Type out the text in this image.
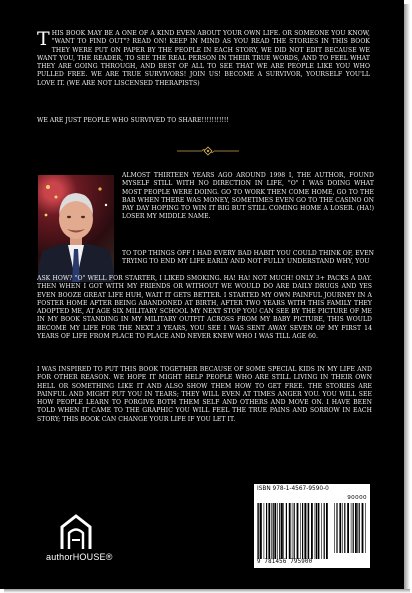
THIS BOOK MAY BE A ONE OF A KIND EVEN ABOUT YOUR OWN LIFE. OR SOMEONE YOU KNOW, "WANT TO FIND OUT"? READ ON! KEEP IN MIND AS YOU READ THE STORIES IN THIS BOOK THEY WERE PUT ON PAPER BY THE PEOPLE IN EACH STORY, WE DID NOT EDIT BECAUSE WE WANT YOU, THE READER, TO SEE THE REAL PERSON IN THEIR TRUE WORDS, AND TO FEEL WHAT THEY ARE GOING THROUGH, AND BEST OF ALL TO SEE THAT WE ARE PEOPLE LIKE YOU WHO PULLED FREE. WE ARE TRUE SURVIVORS! JOIN US! BECOME A SURVIVOR, YOURSELF YOU'LL LOVE IT. (WE ARE NOT LISCENSED THERAPISTS)

WE ARE JUST PEOPLE WHO SURVIVED TO SHARE!!!!!!!!!!!

ALMOST THIRTEEN YEARS AGO AROUND 1998 I, THE AUTHOR, FOUND MYSELF STILL WITH NO DIRECTION IN LIFE, "O" I WAS DOING WHAT MOST PEOPLE WERE DOING. GO TO WORK THEN COME HOME, GO TO THE BAR WHEN THERE WAS MONEY, SOMETIMES EVEN GO TO THE CASINO ON PAY DAY HOPING TO WIN IT BIG BUT STILL COMING HOME A LOSER. (HA!) LOSER MY MIDDLE NAME.

TO TOP THINGS OFF I HAD EVERY BAD HABIT YOU COULD THINK OF, EVEN TRYING TO END MY LIFE EARLY AND NOT FULLY UNDERSTAND WHY, YOU

ASK HOW? "O" WELL FOR STARTER, I LIKED SMOKING. HA! HA! NOT MUCH! ONLY 3+ PACKS A DAY. THEN WHEN I GOT WITH MY FRIENDS OR WITHOUT WE WOULD DO ARE DAILY DRUGS AND YES EVEN BOOZE GREAT LIFE HUH, WAIT IT GETS BETTER. I STARTED MY OWN PAINFUL JOURNEY IN A FOSTER HOME AFTER BEING ABANDONED AT BIRTH, AFTER TWO YEARS WITH THIS FAMILY THEY ADOPTED ME, AT AGE SIX MILITARY SCHOOL MY NEXT STOP YOU CAN SEE BY THE PICTURE OF ME IN MY BOOK STANDING IN MY MILITARY OUTFIT ACROSS FROM MY BABY PICTURE, THIS WOULD BECOME MY LIFE FOR THE NEXT 3 YEARS, YOU SEE I WAS SENT AWAY SEVEN OF MY FIRST 14 YEARS OF LIFE FROM PLACE TO PLACE AND NEVER KNEW WHO I WAS TILL AGE 60.

I WAS INSPIRED TO PUT THIS BOOK TOGETHER BECAUSE OF SOME SPECIAL KIDS IN MY LIFE AND FOR OTHER REASON. WE HOPE IT MIGHT HELP PEOPLE WHO ARE STILL LIVING IN THEIR OWN HELL OR SOMETHING LIKE IT AND ALSO SHOW THEM HOW TO GET FREE. THE STORIES ARE PAINFUL AND MIGHT PUT YOU IN TEARS; THEY WILL EVEN AT TIMES ANGER YOU. YOU WILL SEE HOW PEOPLE LEARN TO FORGIVE BOTH THEM SELF AND OTHERS AND MOVE ON. I HAVE BEEN TOLD WHEN IT CAME TO THE GRAPHIC YOU WILL FEEL THE TRUE PAINS AND SORROW IN EACH STORY; THIS BOOK CAN CHANGE YOUR LIFE IF YOU LET IT.

authorHOUSE®
ISBN 978-1-4567-9590-0
90000
9 781456 795900
